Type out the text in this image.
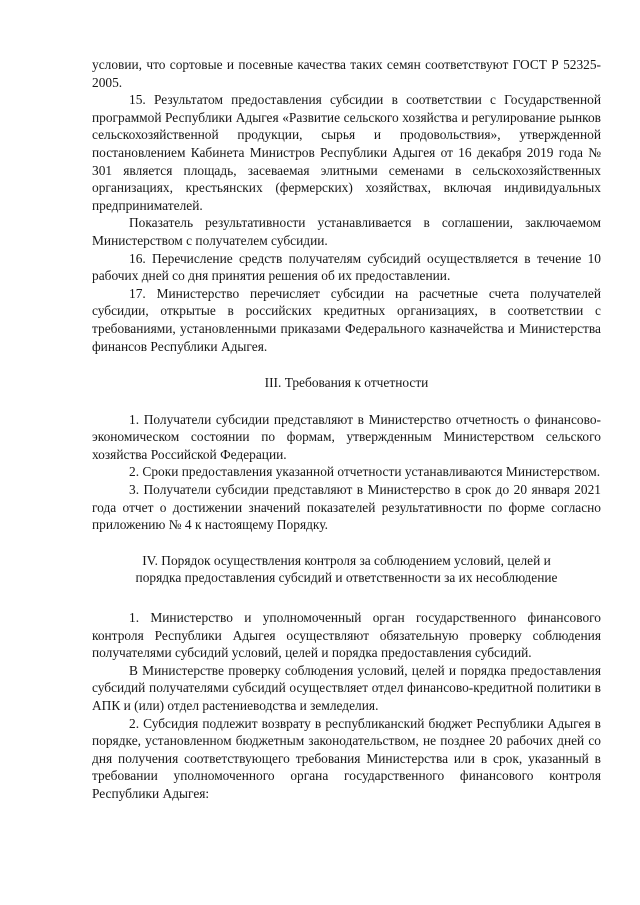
условии, что сортовые и посевные качества таких семян соответствуют ГОСТ Р 52325-2005.

15. Результатом предоставления субсидии в соответствии с Государственной программой Республики Адыгея «Развитие сельского хозяйства и регулирование рынков сельскохозяйственной продукции, сырья и продовольствия», утвержденной постановлением Кабинета Министров Республики Адыгея от 16 декабря 2019 года № 301 является площадь, засеваемая элитными семенами в сельскохозяйственных организациях, крестьянских (фермерских) хозяйствах, включая индивидуальных предпринимателей.

Показатель результативности устанавливается в соглашении, заключаемом Министерством с получателем субсидии.

16. Перечисление средств получателям субсидий осуществляется в течение 10 рабочих дней со дня принятия решения об их предоставлении.

17. Министерство перечисляет субсидии на расчетные счета получателей субсидии, открытые в российских кредитных организациях, в соответствии с требованиями, установленными приказами Федерального казначейства и Министерства финансов Республики Адыгея.

III. Требования к отчетности

1. Получатели субсидии представляют в Министерство отчетность о финансово-экономическом состоянии по формам, утвержденным Министерством сельского хозяйства Российской Федерации.

2. Сроки предоставления указанной отчетности устанавливаются Министерством.

3. Получатели субсидии представляют в Министерство в срок до 20 января 2021 года отчет о достижении значений показателей результативности по форме согласно приложению № 4 к настоящему Порядку.

IV. Порядок осуществления контроля за соблюдением условий, целей и

порядка предоставления субсидий и ответственности за их несоблюдение

1. Министерство и уполномоченный орган государственного финансового контроля Республики Адыгея осуществляют обязательную проверку соблюдения получателями субсидий условий, целей и порядка предоставления субсидий.

В Министерстве проверку соблюдения условий, целей и порядка предоставления субсидий получателями субсидий осуществляет отдел финансово-кредитной политики в АПК и (или) отдел растениеводства и земледелия.

2. Субсидия подлежит возврату в республиканский бюджет Республики Адыгея в порядке, установленном бюджетным законодательством, не позднее 20 рабочих дней со дня получения соответствующего требования Министерства или в срок, указанный в требовании уполномоченного органа государственного финансового контроля Республики Адыгея:
